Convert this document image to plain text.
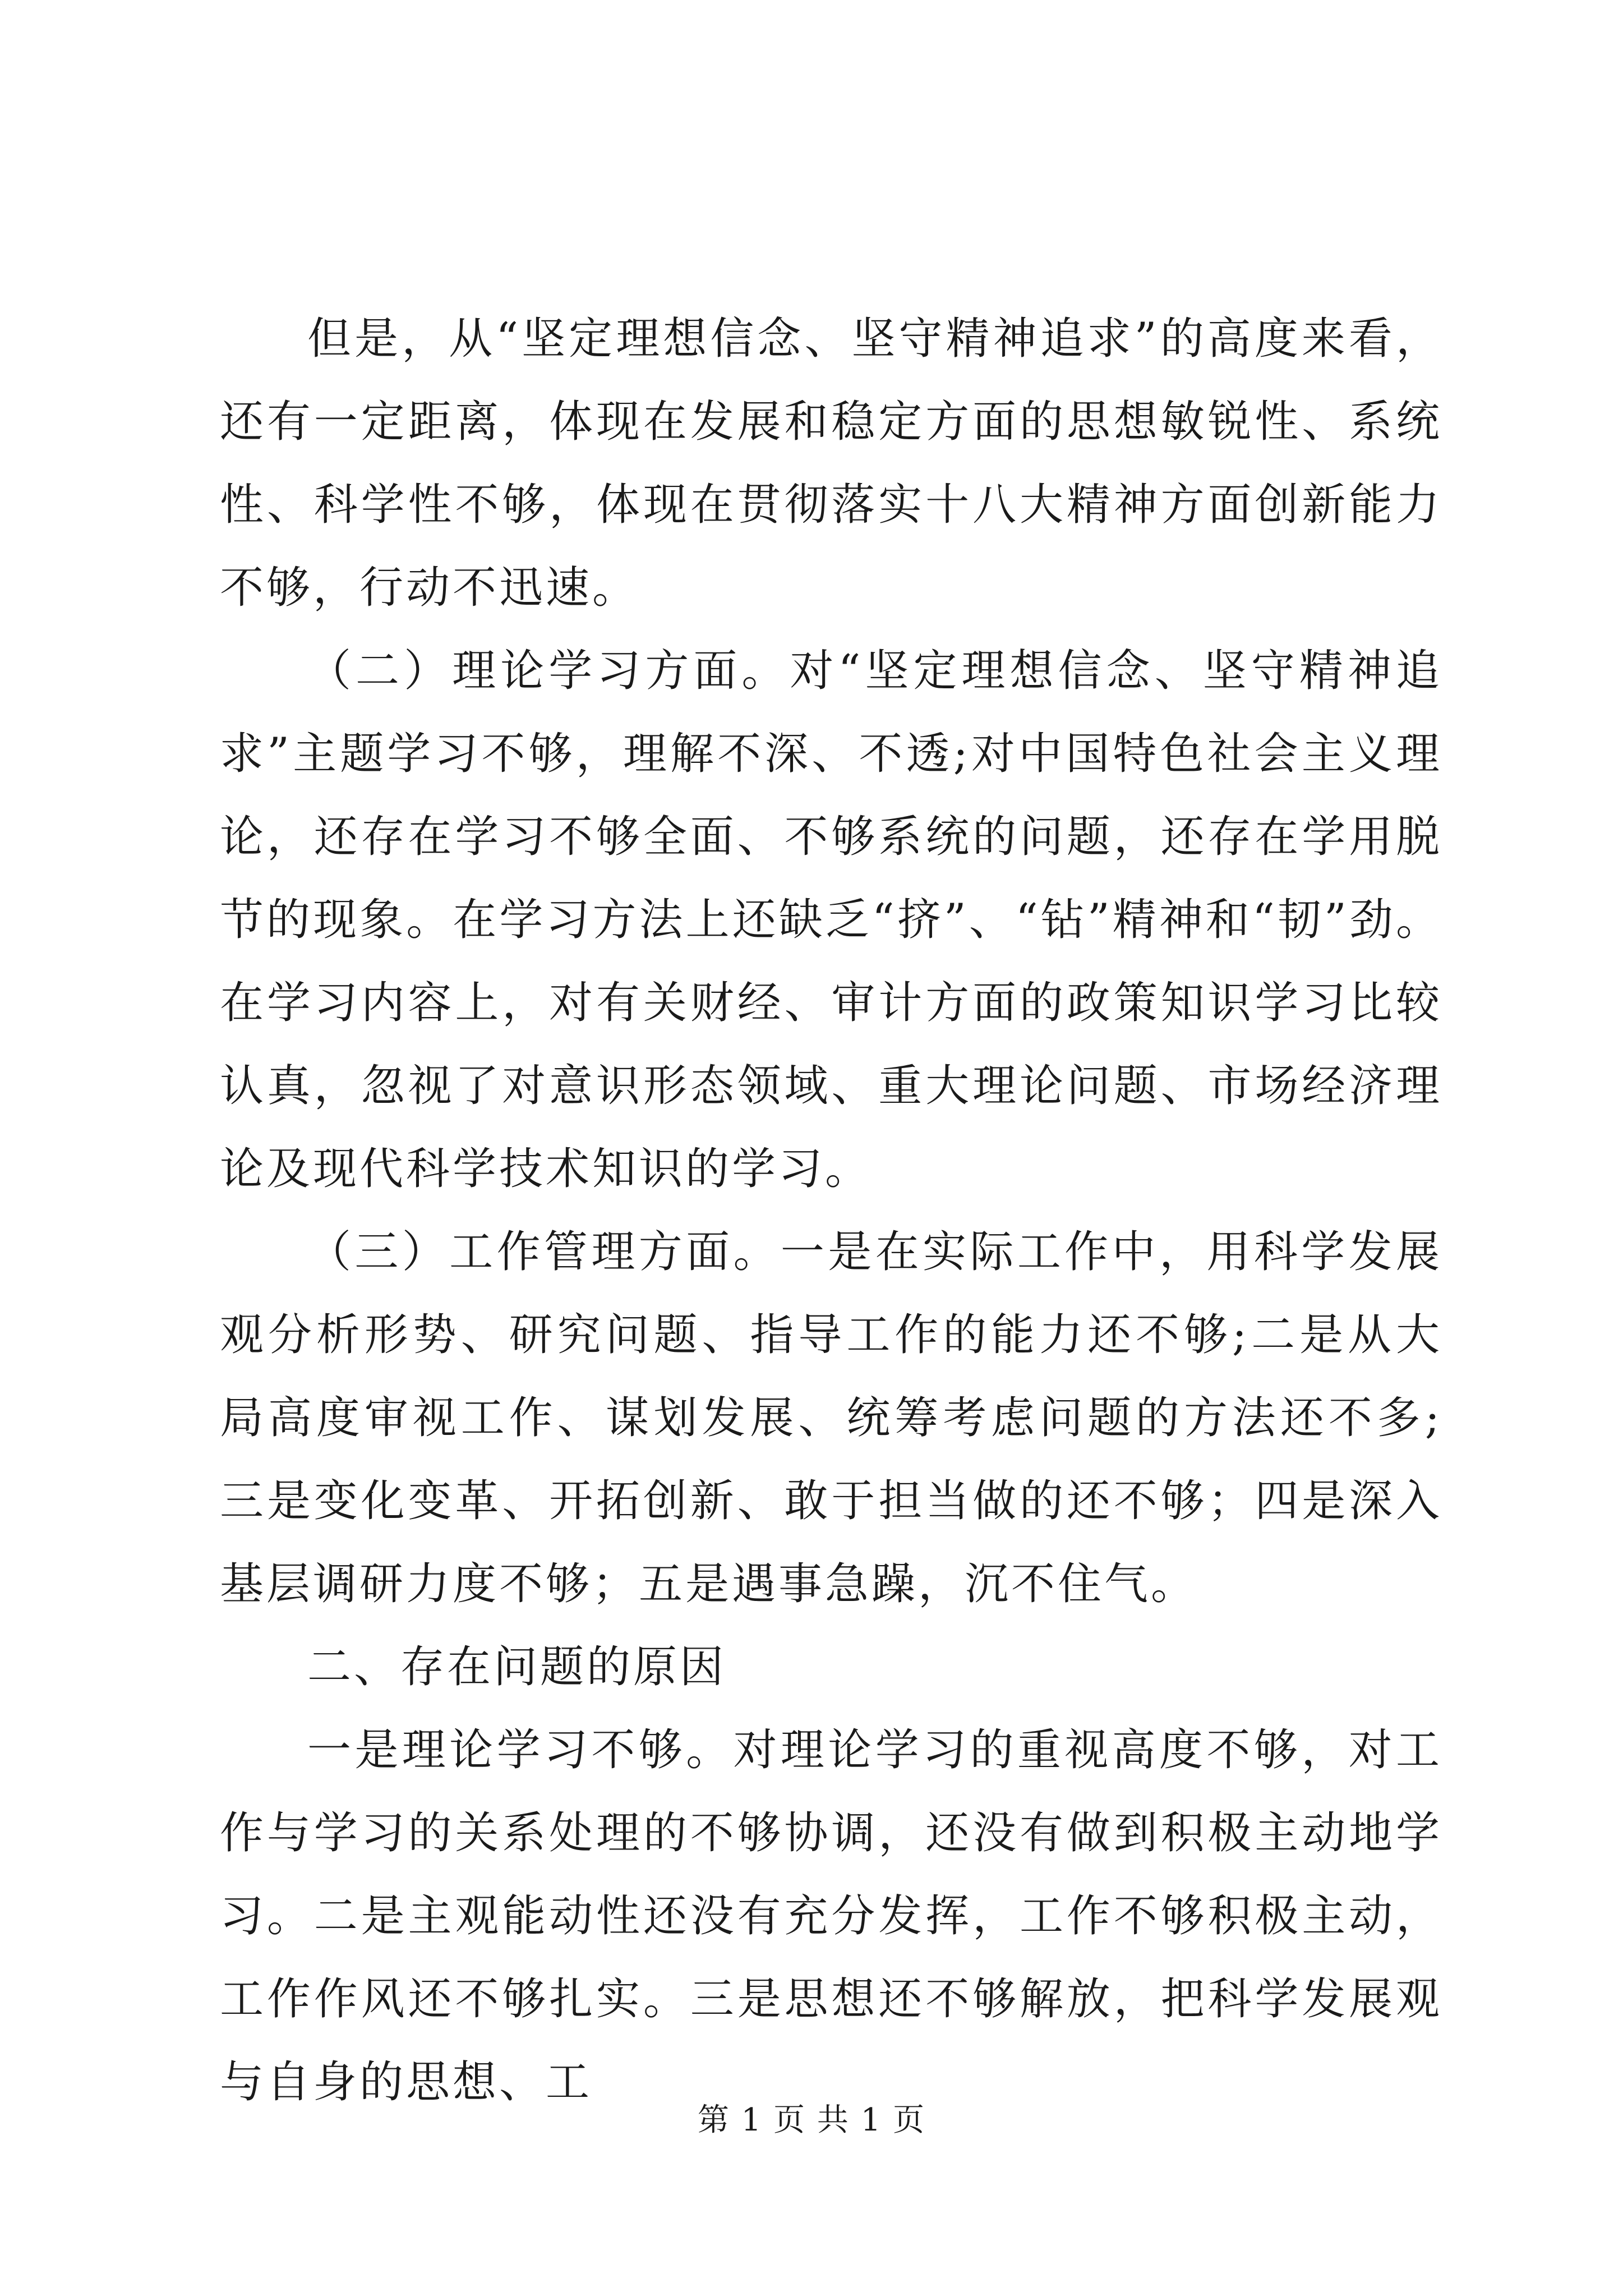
但是，从“坚定理想信念、坚守精神追求”的高度来看，还有一定距离，体现在发展和稳定方面的思想敏锐性、系统性、科学性不够，体现在贯彻落实十八大精神方面创新能力不够，行动不迅速。

（二）理论学习方面。对“坚定理想信念、坚守精神追求”主题学习不够，理解不深、不透;对中国特色社会主义理论，还存在学习不够全面、不够系统的问题，还存在学用脱节的现象。在学习方法上还缺乏“挤”、“钻”精神和“韧”劲。在学习内容上，对有关财经、审计方面的政策知识学习比较认真，忽视了对意识形态领域、重大理论问题、市场经济理论及现代科学技术知识的学习。

（三）工作管理方面。一是在实际工作中，用科学发展观分析形势、研究问题、指导工作的能力还不够;二是从大局高度审视工作、谋划发展、统筹考虑问题的方法还不多;三是变化变革、开拓创新、敢于担当做的还不够；四是深入基层调研力度不够；五是遇事急躁，沉不住气。

二、存在问题的原因

一是理论学习不够。对理论学习的重视高度不够，对工作与学习的关系处理的不够协调，还没有做到积极主动地学习。二是主观能动性还没有充分发挥，工作不够积极主动，工作作风还不够扎实。三是思想还不够解放，把科学发展观与自身的思想、工

第 1 页 共 1 页
